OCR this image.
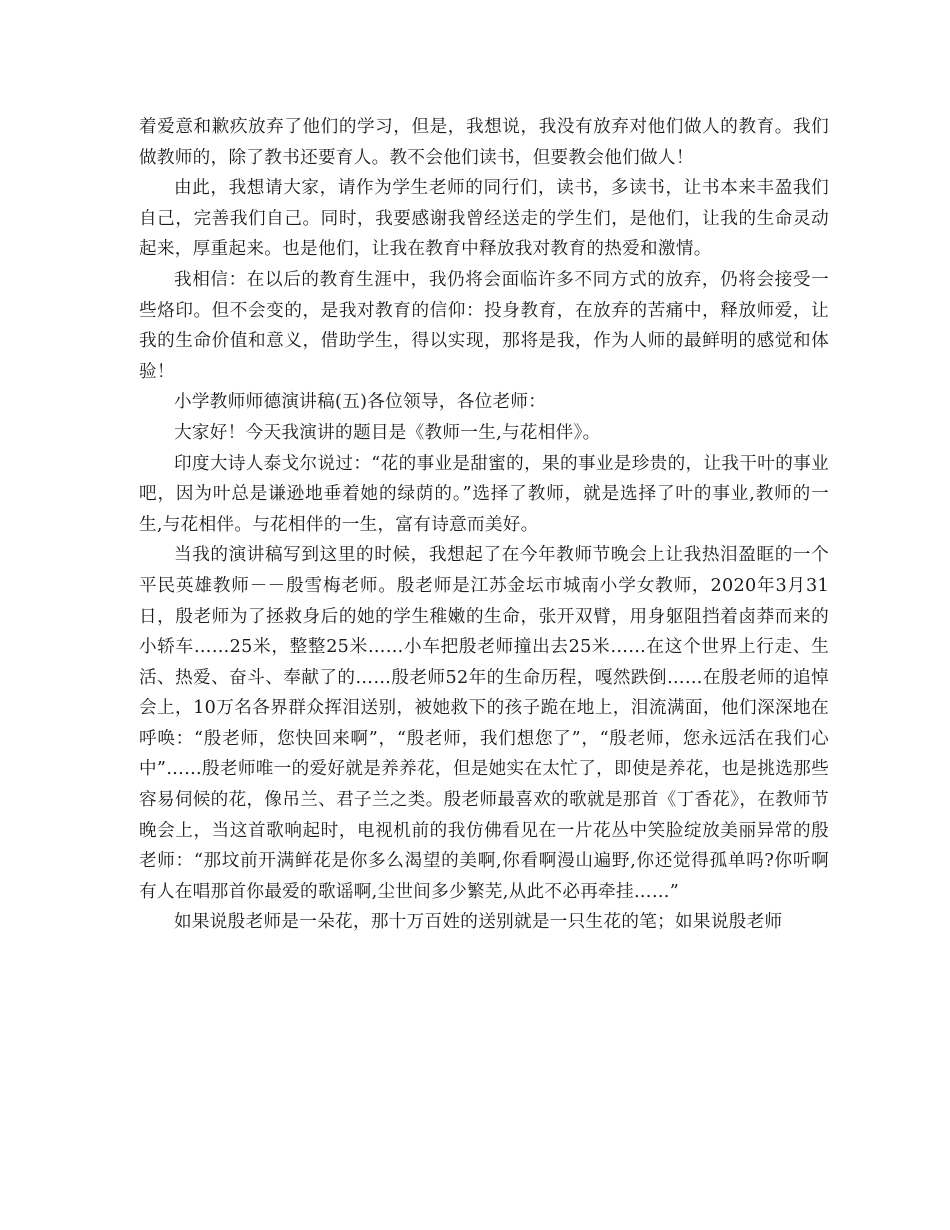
着爱意和歉疚放弃了他们的学习，但是，我想说，我没有放弃对他们做人的教育。我们做教师的，除了教书还要育人。教不会他们读书，但要教会他们做人！

由此，我想请大家，请作为学生老师的同行们，读书，多读书，让书本来丰盈我们自己，完善我们自己。同时，我要感谢我曾经送走的学生们，是他们，让我的生命灵动起来，厚重起来。也是他们，让我在教育中释放我对教育的热爱和激情。

我相信：在以后的教育生涯中，我仍将会面临许多不同方式的放弃，仍将会接受一些烙印。但不会变的，是我对教育的信仰：投身教育，在放弃的苦痛中，释放师爱，让我的生命价值和意义，借助学生，得以实现，那将是我，作为人师的最鲜明的感觉和体验！

小学教师师德演讲稿(五)各位领导，各位老师：

大家好！今天我演讲的题目是《教师一生,与花相伴》。

印度大诗人泰戈尔说过：“花的事业是甜蜜的，果的事业是珍贵的，让我干叶的事业吧，因为叶总是谦逊地垂着她的绿荫的。”选择了教师，就是选择了叶的事业,教师的一生,与花相伴。与花相伴的一生，富有诗意而美好。

当我的演讲稿写到这里的时候，我想起了在今年教师节晚会上让我热泪盈眶的一个平民英雄教师－－殷雪梅老师。殷老师是江苏金坛市城南小学女教师，2020年3月31日，殷老师为了拯救身后的她的学生稚嫩的生命，张开双臂，用身躯阻挡着卤莽而来的小轿车……25米，整整25米……小车把殷老师撞出去25米……在这个世界上行走、生活、热爱、奋斗、奉献了的……殷老师52年的生命历程，嘎然跌倒……在殷老师的追悼会上，10万名各界群众挥泪送别，被她救下的孩子跪在地上，泪流满面，他们深深地在呼唤：“殷老师，您快回来啊”，“殷老师，我们想您了”，“殷老师，您永远活在我们心中”……殷老师唯一的爱好就是养养花，但是她实在太忙了，即使是养花，也是挑选那些容易伺候的花，像吊兰、君子兰之类。殷老师最喜欢的歌就是那首《丁香花》，在教师节晚会上，当这首歌响起时，电视机前的我仿佛看见在一片花丛中笑脸绽放美丽异常的殷老师：“那坟前开满鲜花是你多么渴望的美啊,你看啊漫山遍野,你还觉得孤单吗?你听啊有人在唱那首你最爱的歌谣啊,尘世间多少繁芜,从此不必再牵挂……”

如果说殷老师是一朵花，那十万百姓的送别就是一只生花的笔；如果说殷老师
